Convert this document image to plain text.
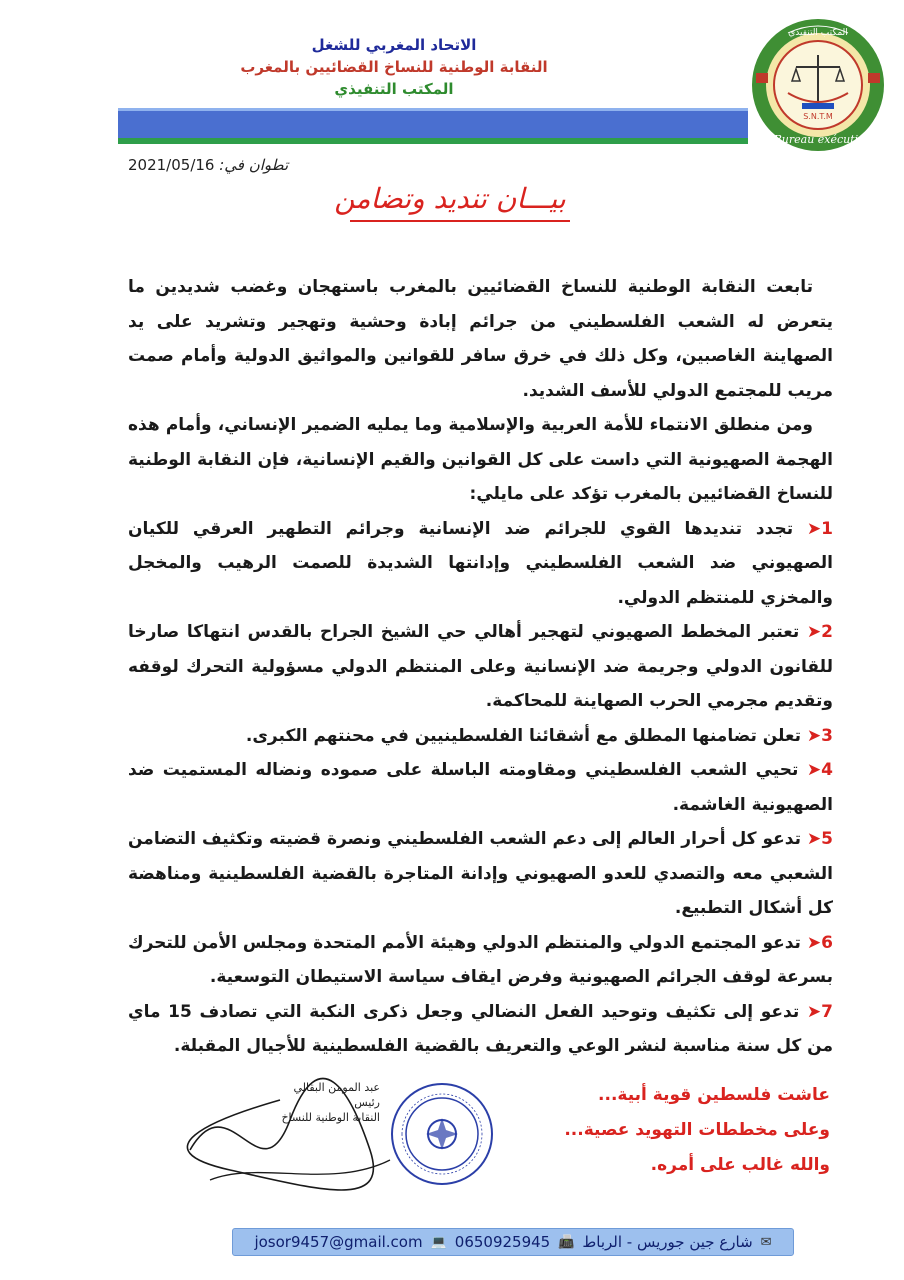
الاتحاد المغربي للشغل
النقابة الوطنية للنساخ القضائيين بالمغرب
المكتب التنفيذي
المكتب التنفيذي
S.N.T.M
Bureau exécutif
تطوان في: 2021/05/16
بيـــان تنديد وتضامن

تابعت النقابة الوطنية للنساخ القضائيين بالمغرب باستهجان وغضب شديدين ما يتعرض له الشعب الفلسطيني من جرائم إبادة وحشية وتهجير وتشريد على يد الصهاينة الغاصبين، وكل ذلك في خرق سافر للقوانين والمواثيق الدولية وأمام صمت مريب للمجتمع الدولي للأسف الشديد.

ومن منطلق الانتماء للأمة العربية والإسلامية وما يمليه الضمير الإنساني، وأمام هذه الهجمة الصهيونية التي داست على كل القوانين والقيم الإنسانية، فإن النقابة الوطنية للنساخ القضائيين بالمغرب تؤكد على مايلي:

1➤ تجدد تنديدها القوي للجرائم ضد الإنسانية وجرائم التطهير العرقي للكيان الصهيوني ضد الشعب الفلسطيني وإدانتها الشديدة للصمت الرهيب والمخجل والمخزي للمنتظم الدولي.

2➤ تعتبر المخطط الصهيوني لتهجير أهالي حي الشيخ الجراح بالقدس انتهاكا صارخا للقانون الدولي وجريمة ضد الإنسانية وعلى المنتظم الدولي مسؤولية التحرك لوقفه وتقديم مجرمي الحرب الصهاينة للمحاكمة.

3➤ تعلن تضامنها المطلق مع أشقائنا الفلسطينيين في محنتهم الكبرى.

4➤ تحيي الشعب الفلسطيني ومقاومته الباسلة على صموده ونضاله المستميت ضد الصهيونية الغاشمة.

5➤ تدعو كل أحرار العالم إلى دعم الشعب الفلسطيني ونصرة قضيته وتكثيف التضامن الشعبي معه والتصدي للعدو الصهيوني وإدانة المتاجرة بالقضية الفلسطينية ومناهضة كل أشكال التطبيع.

6➤ تدعو المجتمع الدولي والمنتظم الدولي وهيئة الأمم المتحدة ومجلس الأمن للتحرك بسرعة لوقف الجرائم الصهيونية وفرض ايقاف سياسة الاستيطان التوسعية.

7➤ تدعو إلى تكثيف وتوحيد الفعل النضالي وجعل ذكرى النكبة التي تصادف 15 ماي من كل سنة مناسبة لنشر الوعي والتعريف بالقضية الفلسطينية للأجيال المقبلة.

عاشت فلسطين قوية أبية...
وعلى مخططات التهويد عصية...
والله غالب على أمره.
عبد المومن البقالي
رئيس
النقابة الوطنية للنساخ
josor9457@gmail.com 💻 0650925945 📠 شارع جين جوريس - الرباط ✉
